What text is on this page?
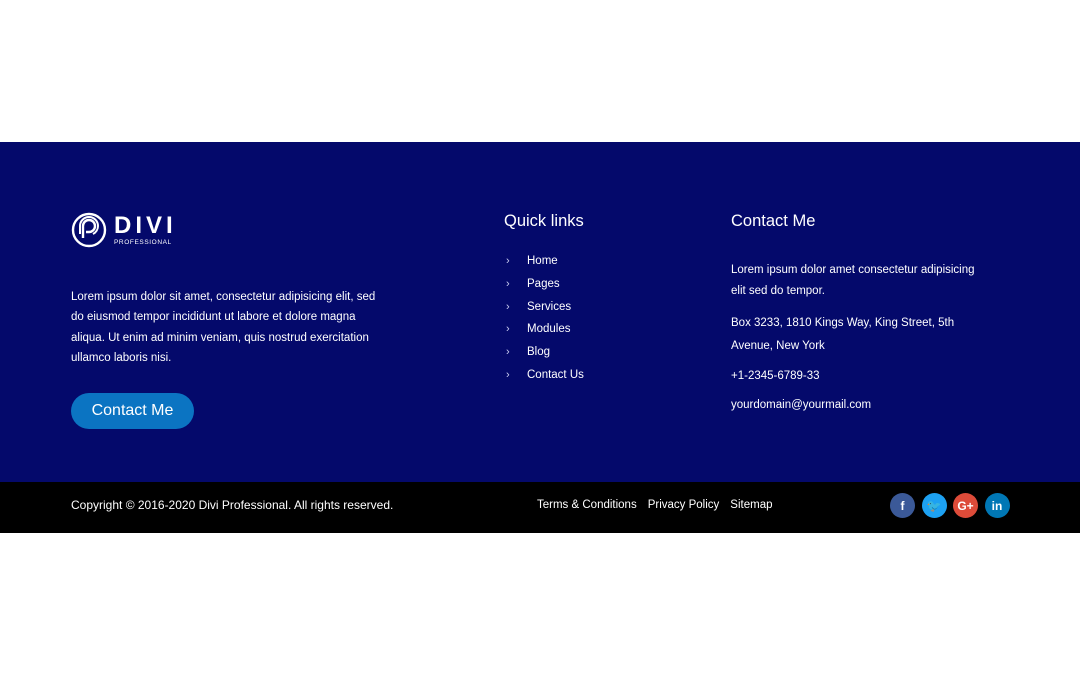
DIVI
PROFESSIONAL

Lorem ipsum dolor sit amet, consectetur adipisicing elit, sed do eiusmod tempor incididunt ut labore et dolore magna aliqua. Ut enim ad minim veniam, quis nostrud exercitation ullamco laboris nisi.

Contact Me
Quick links
›	Home
›	Pages
›	Services
›	Modules
›	Blog
›	Contact Us
Contact Me

Lorem ipsum dolor amet consectetur adipisicing elit sed do tempor.

Box 3233, 1810 Kings Way, King Street, 5th Avenue, New York

+1-2345-6789-33

yourdomain@yourmail.com

Copyright © 2016-2020 Divi Professional. All rights reserved.	Terms & Conditions Privacy Policy Sitemap	f	🐦	G+	in
